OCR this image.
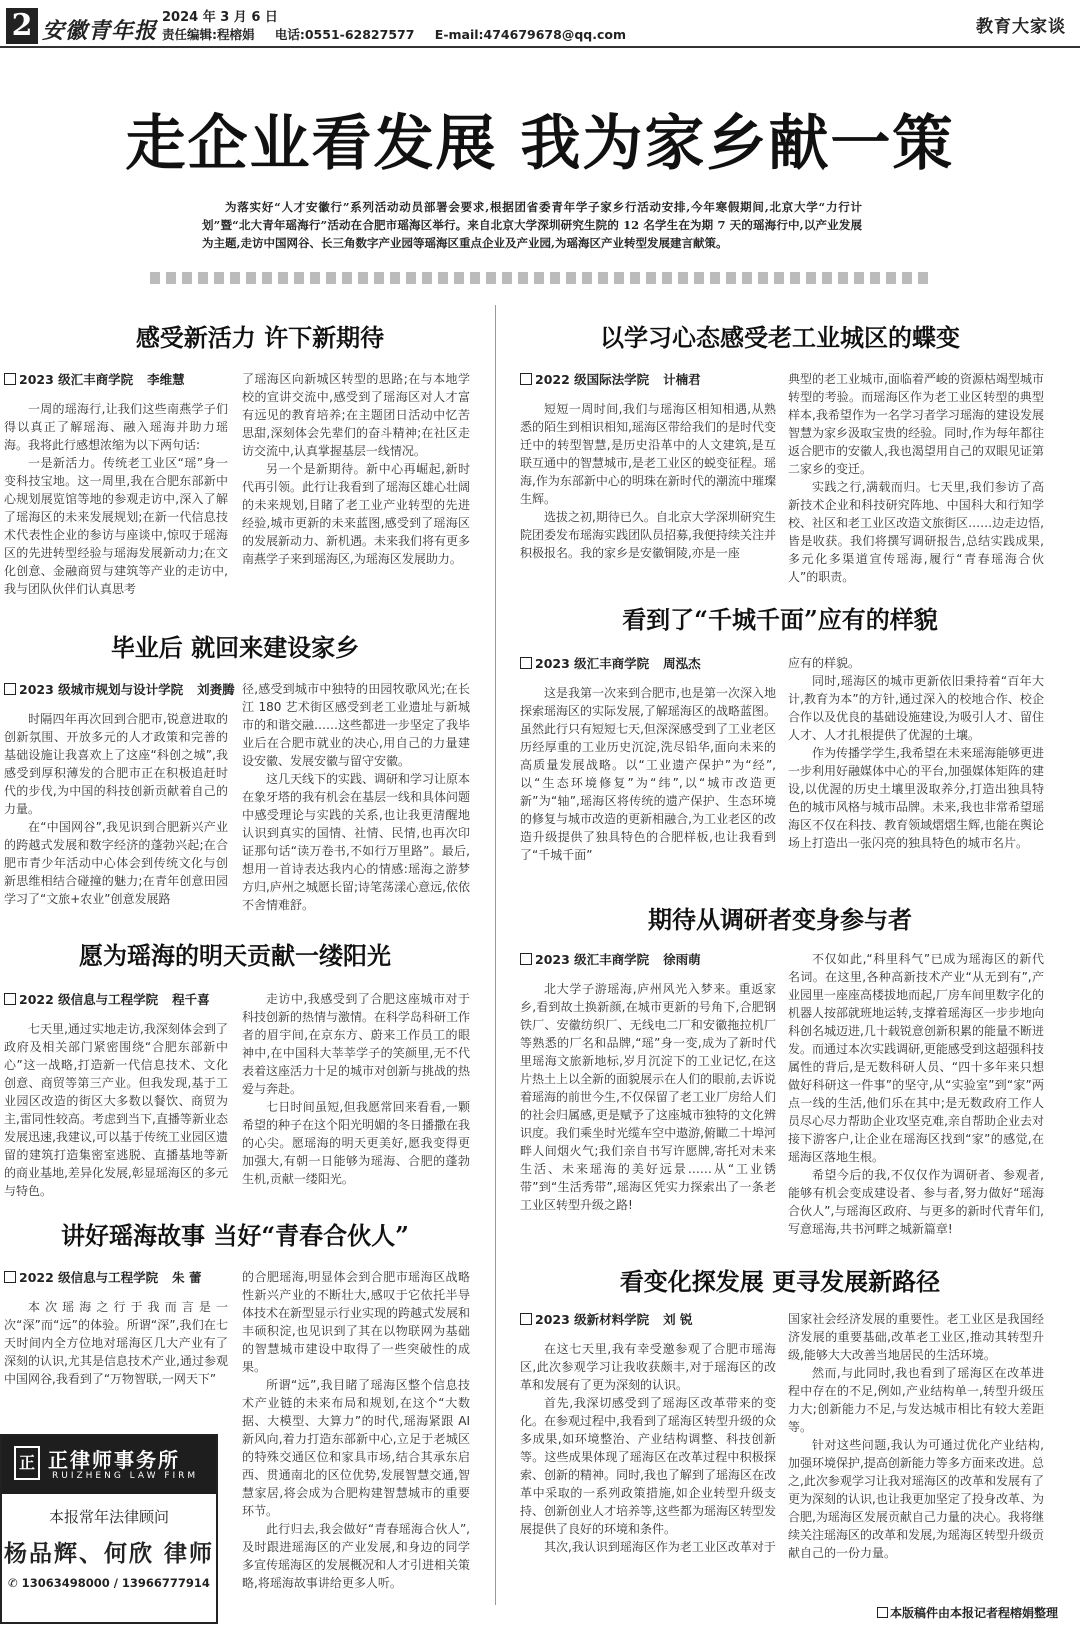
2 安徽青年报
2024 年 3 月 6 日
责任编辑:程榕娟 电话:0551-62827577 E-mail:474679678@qq.com	教育大家谈
走企业看发展 我为家乡献一策
为落实好“人才安徽行”系列活动动员部署会要求,根据团省委青年学子家乡行活动安排,今年寒假期间,北京大学“力行计划”暨“北大青年瑶海行”活动在合肥市瑶海区举行。来自北京大学深圳研究生院的 12 名学生在为期 7 天的瑶海行中,以产业发展为主题,走访中国网谷、长三角数字产业园等瑶海区重点企业及产业园,为瑶海区产业转型发展建言献策。
感受新活力 许下新期待
2023 级汇丰商学院 李维慧

一周的瑶海行,让我们这些南燕学子们得以真正了解瑶海、融入瑶海并助力瑶海。我将此行感想浓缩为以下两句话:

一是新活力。传统老工业区“瑶”身一变科技宝地。这一周里,我在合肥东部新中心规划展览馆等地的参观走访中,深入了解了瑶海区的未来发展规划;在新一代信息技术代表性企业的参访与座谈中,惊叹于瑶海区的先进转型经验与瑶海发展新动力;在文化创意、金融商贸与建筑等产业的走访中,我与团队伙伴们认真思考

了瑶海区向新城区转型的思路;在与本地学校的宣讲交流中,感受到了瑶海区对人才富有远见的教育培养;在主题团日活动中忆苦思甜,深刻体会先辈们的奋斗精神;在社区走访交流中,认真掌握基层一线情况。

另一个是新期待。新中心再崛起,新时代再引领。此行让我看到了瑶海区雄心壮阔的未来规划,目睹了老工业产业转型的先进经验,城市更新的未来蓝图,感受到了瑶海区的发展新动力、新机遇。未来我们将有更多南燕学子来到瑶海区,为瑶海区发展助力。

毕业后 就回来建设家乡
2023 级城市规划与设计学院 刘赉腾

时隔四年再次回到合肥市,锐意进取的创新氛围、开放多元的人才政策和完善的基础设施让我喜欢上了这座“科创之城”,我感受到厚积薄发的合肥市正在积极追赶时代的步伐,为中国的科技创新贡献着自己的力量。

在“中国网谷”,我见识到合肥新兴产业的跨越式发展和数字经济的蓬勃兴起;在合肥市青少年活动中心体会到传统文化与创新思维相结合碰撞的魅力;在青年创意田园学习了“文旅+农业”创意发展路

径,感受到城市中独特的田园牧歌风光;在长江 180 艺术街区感受到老工业遗址与新城市的和谐交融……这些都进一步坚定了我毕业后在合肥市就业的决心,用自己的力量建设安徽、发展安徽与留守安徽。

这几天线下的实践、调研和学习让原本在象牙塔的我有机会在基层一线和具体问题中感受理论与实践的关系,也让我更清醒地认识到真实的国情、社情、民情,也再次印证那句话“读万卷书,不如行万里路”。最后,想用一首诗表达我内心的情感:瑶海之游梦方归,庐州之城愿长留;诗笔荡漾心意远,依依不舍情难舒。

愿为瑶海的明天贡献一缕阳光
2022 级信息与工程学院 程千喜

七天里,通过实地走访,我深刻体会到了政府及相关部门紧密围绕“合肥东部新中心”这一战略,打造新一代信息技术、文化创意、商贸等第三产业。但我发现,基于工业园区改造的街区大多数以餐饮、商贸为主,雷同性较高。考虑到当下,直播等新业态发展迅速,我建议,可以基于传统工业园区遗留的建筑打造集密室逃脱、直播基地等新的商业基地,差异化发展,彰显瑶海区的多元与特色。

走访中,我感受到了合肥这座城市对于科技创新的热情与激情。在科学岛科研工作者的眉宇间,在京东方、蔚来工作员工的眼神中,在中国科大莘莘学子的笑颜里,无不代表着这座活力十足的城市对创新与挑战的热爱与奔赴。

七日时间虽短,但我愿常回来看看,一颗希望的种子在这个阳光明媚的冬日播撒在我的心尖。愿瑶海的明天更美好,愿我变得更加强大,有朝一日能够为瑶海、合肥的蓬勃生机,贡献一缕阳光。

讲好瑶海故事 当好“青春合伙人”
2022 级信息与工程学院 朱 蕾

本次瑶海之行于我而言是一次“深”而“远”的体验。所谓“深”,我们在七天时间内全方位地对瑶海区几大产业有了深刻的认识,尤其是信息技术产业,通过参观中国网谷,我看到了“万物智联,一网天下”

的合肥瑶海,明显体会到合肥市瑶海区战略性新兴产业的不断壮大,感叹于它依托半导体技术在新型显示行业实现的跨越式发展和丰硕积淀,也见识到了其在以物联网为基础的智慧城市建设中取得了一些突破性的成果。

所谓“远”,我目睹了瑶海区整个信息技术产业链的未来布局和规划,在这个“大数据、大模型、大算力”的时代,瑶海紧跟 AI 新风向,着力打造东部新中心,立足于老城区的特殊交通区位和家具市场,结合其承东启西、贯通南北的区位优势,发展智慧交通,智慧家居,将会成为合肥构建智慧城市的重要环节。

此行归去,我会做好“青春瑶海合伙人”,及时跟进瑶海区的产业发展,和身边的同学多宣传瑶海区的发展概况和人才引进相关策略,将瑶海故事讲给更多人听。

正 正律师事务所
RUIZHENG LAW FIRM
本报常年法律顾问
杨品辉、何欣 律师
✆ 13063498000 / 13966777914
以学习心态感受老工业城区的蝶变
2022 级国际法学院 计楠君

短短一周时间,我们与瑶海区相知相遇,从熟悉的陌生到相识相知,瑶海区带给我们的是时代变迁中的转型智慧,是历史沿革中的人文建筑,是互联互通中的智慧城市,是老工业区的蜕变征程。瑶海,作为东部新中心的明珠在新时代的潮流中璀璨生辉。

选拔之初,期待已久。自北京大学深圳研究生院团委发布瑶海实践团队员招募,我便持续关注并积极报名。我的家乡是安徽铜陵,亦是一座

典型的老工业城市,面临着严峻的资源枯竭型城市转型的考验。而瑶海区作为老工业区转型的典型样本,我希望作为一名学习者学习瑶海的建设发展智慧为家乡汲取宝贵的经验。同时,作为每年都往返合肥市的安徽人,我也渴望用自己的双眼见证第二家乡的变迁。

实践之行,满载而归。七天里,我们参访了高新技术企业和科技研究阵地、中国科大和行知学校、社区和老工业区改造文旅街区……边走边悟,皆是收获。我们将撰写调研报告,总结实践成果,多元化多渠道宣传瑶海,履行“青春瑶海合伙人”的职责。

看到了“千城千面”应有的样貌
2023 级汇丰商学院 周泓杰

这是我第一次来到合肥市,也是第一次深入地探索瑶海区的实际发展,了解瑶海区的战略蓝图。虽然此行只有短短七天,但深深感受到了工业老区历经厚重的工业历史沉淀,洗尽铅华,面向未来的高质量发展战略。以“工业遗产保护”为“经”,以“生态环境修复”为“纬”,以“城市改造更新”为“轴”,瑶海区将传统的遗产保护、生态环境的修复与城市改造的更新相融合,为工业老区的改造升级提供了独具特色的合肥样板,也让我看到了“千城千面”

应有的样貌。

同时,瑶海区的城市更新依旧秉持着“百年大计,教育为本”的方针,通过深入的校地合作、校企合作以及优良的基础设施建设,为吸引人才、留住人才、人才扎根提供了优渥的土壤。

作为传播学学生,我希望在未来瑶海能够更进一步利用好融媒体中心的平台,加强媒体矩阵的建设,以优渥的历史土壤里汲取养分,打造出独具特色的城市风格与城市品牌。未来,我也非常希望瑶海区不仅在科技、教育领域熠熠生辉,也能在舆论场上打造出一张闪亮的独具特色的城市名片。

期待从调研者变身参与者
2023 级汇丰商学院 徐雨萌

北大学子游瑶海,庐州风光入梦来。重返家乡,看到故土换新颜,在城市更新的号角下,合肥钢铁厂、安徽纺织厂、无线电二厂和安徽拖拉机厂等熟悉的厂名和品牌,“瑶”身一变,成为了新时代里瑶海文旅新地标,岁月沉淀下的工业记忆,在这片热土上以全新的面貌展示在人们的眼前,去诉说着瑶海的前世今生,不仅保留了老工业厂房给人们的社会归属感,更是赋予了这座城市独特的文化辨识度。我们乘坐时光缆车空中遨游,俯瞰二十埠河畔人间烟火气;我们亲自书写许愿牌,寄托对未来生活、未来瑶海的美好远景……从“工业锈带”到“生活秀带”,瑶海区凭实力探索出了一条老工业区转型升级之路!

不仅如此,“科里科气”已成为瑶海区的新代名词。在这里,各种高新技术产业“从无到有”,产业园里一座座高楼拔地而起,厂房车间里数字化的机器人按部就班地运转,支撑着瑶海区一步步地向科创名城迈进,几十载锐意创新积累的能量不断迸发。而通过本次实践调研,更能感受到这超强科技属性的背后,是无数科研人员、“四十多年来只想做好科研这一件事”的坚守,从“实验室”到“家”两点一线的生活,他们乐在其中;是无数政府工作人员尽心尽力帮助企业攻坚克难,亲自帮助企业去对接下游客户,让企业在瑶海区找到“家”的感觉,在瑶海区落地生根。

希望今后的我,不仅仅作为调研者、参观者,能够有机会变成建设者、参与者,努力做好“瑶海合伙人”,与瑶海区政府、与更多的新时代青年们,写意瑶海,共书河畔之城新篇章!

看变化探发展 更寻发展新路径
2023 级新材料学院 刘 锐

在这七天里,我有幸受邀参观了合肥市瑶海区,此次参观学习让我收获颇丰,对于瑶海区的改革和发展有了更为深刻的认识。

首先,我深切感受到了瑶海区改革带来的变化。在参观过程中,我看到了瑶海区转型升级的众多成果,如环境整治、产业结构调整、科技创新等。这些成果体现了瑶海区在改革过程中积极探索、创新的精神。同时,我也了解到了瑶海区在改革中采取的一系列政策措施,如企业转型升级支持、创新创业人才培养等,这些都为瑶海区转型发展提供了良好的环境和条件。

其次,我认识到瑶海区作为老工业区改革对于

国家社会经济发展的重要性。老工业区是我国经济发展的重要基础,改革老工业区,推动其转型升级,能够大大改善当地居民的生活环境。

然而,与此同时,我也看到了瑶海区在改革进程中存在的不足,例如,产业结构单一,转型升级压力大;创新能力不足,与发达城市相比有较大差距等。

针对这些问题,我认为可通过优化产业结构,加强环境保护,提高创新能力等多方面来改进。总之,此次参观学习让我对瑶海区的改革和发展有了更为深刻的认识,也让我更加坚定了投身改革、为合肥,为瑶海区发展贡献自己力量的决心。我将继续关注瑶海区的改革和发展,为瑶海区转型升级贡献自己的一份力量。

本版稿件由本报记者程榕娟整理
